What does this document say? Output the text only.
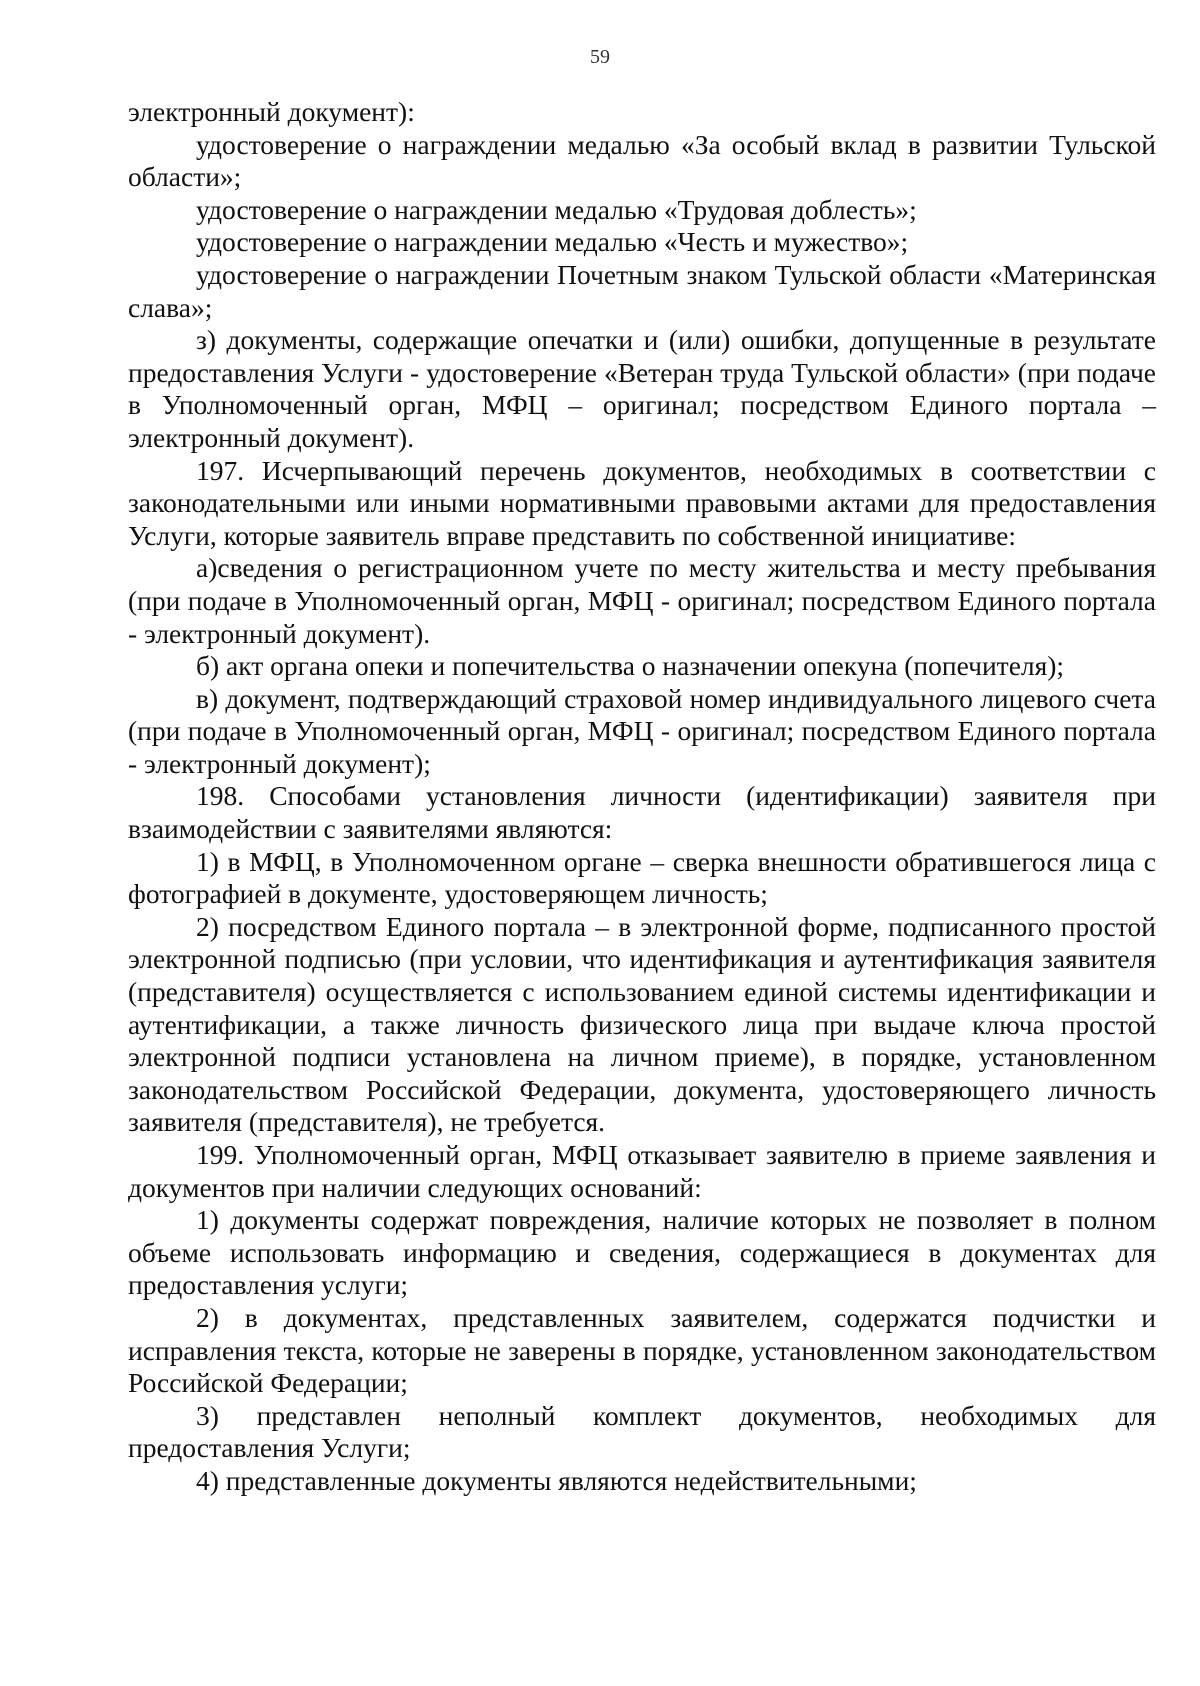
59

электронный документ):

удостоверение о награждении медалью «За особый вклад в развитии Тульской области»;

удостоверение о награждении медалью «Трудовая доблесть»;

удостоверение о награждении медалью «Честь и мужество»;

удостоверение о награждении Почетным знаком Тульской области «Материнская слава»;

з) документы, содержащие опечатки и (или) ошибки, допущенные в результате предоставления Услуги - удостоверение «Ветеран труда Тульской области» (при подаче в Уполномоченный орган, МФЦ – оригинал; посредством Единого портала – электронный документ).

197. Исчерпывающий перечень документов, необходимых в соответствии с законодательными или иными нормативными правовыми актами для предоставления Услуги, которые заявитель вправе представить по собственной инициативе:

а)сведения о регистрационном учете по месту жительства и месту пребывания (при подаче в Уполномоченный орган, МФЦ - оригинал; посредством Единого портала - электронный документ).

б) акт органа опеки и попечительства о назначении опекуна (попечителя);

в) документ, подтверждающий страховой номер индивидуального лицевого счета (при подаче в Уполномоченный орган, МФЦ - оригинал; посредством Единого портала - электронный документ);

198. Способами установления личности (идентификации) заявителя при взаимодействии с заявителями являются:

1) в МФЦ, в Уполномоченном органе – сверка внешности обратившегося лица с фотографией в документе, удостоверяющем личность;

2) посредством Единого портала – в электронной форме, подписанного простой электронной подписью (при условии, что идентификация и аутентификация заявителя (представителя) осуществляется с использованием единой системы идентификации и аутентификации, а также личность физического лица при выдаче ключа простой электронной подписи установлена на личном приеме), в порядке, установленном законодательством Российской Федерации, документа, удостоверяющего личность заявителя (представителя), не требуется.

199. Уполномоченный орган, МФЦ отказывает заявителю в приеме заявления и документов при наличии следующих оснований:

1) документы содержат повреждения, наличие которых не позволяет в полном объеме использовать информацию и сведения, содержащиеся в документах для предоставления услуги;

2) в документах, представленных заявителем, содержатся подчистки и исправления текста, которые не заверены в порядке, установленном законодательством Российской Федерации;

3) представлен неполный комплект документов, необходимых для предоставления Услуги;

4) представленные документы являются недействительными;
